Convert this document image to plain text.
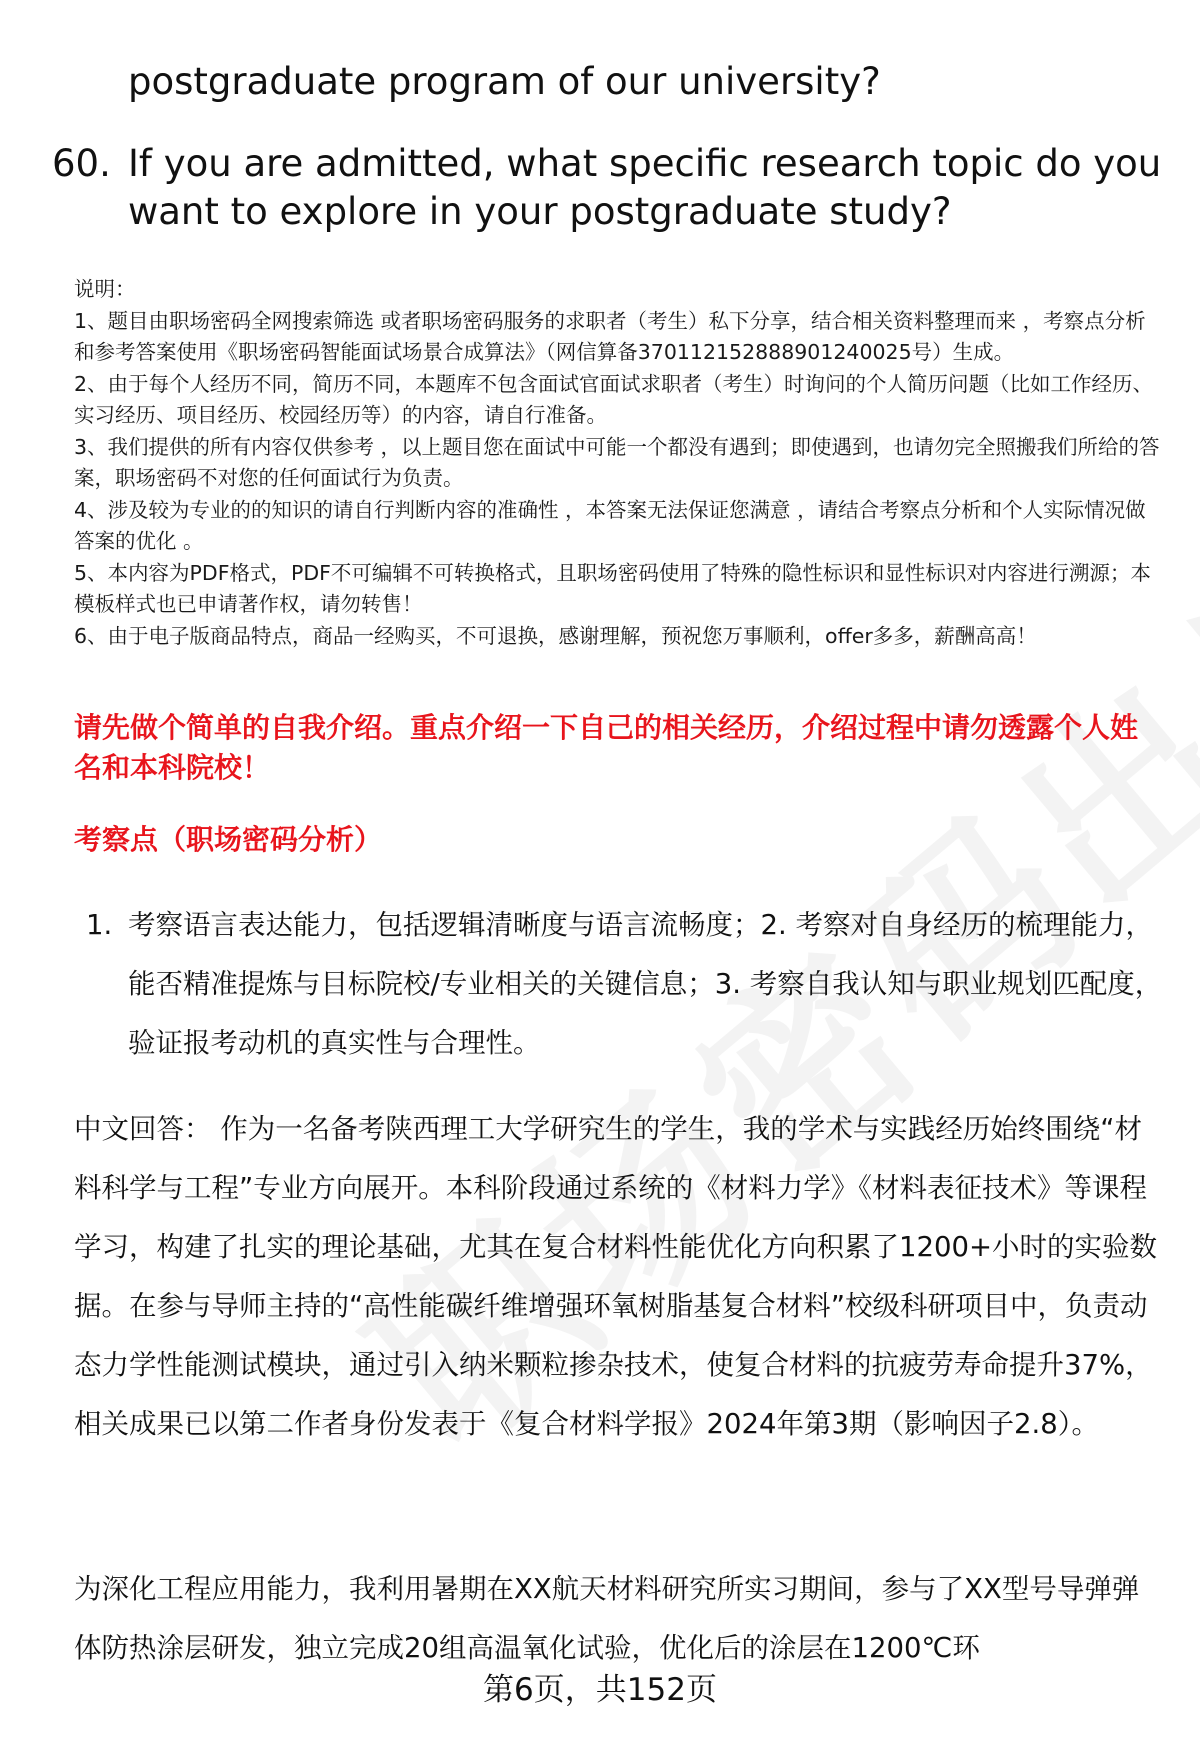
postgraduate program of our university?
60. If you are admitted, what specific research topic do you want to explore in your postgraduate study?

说明：

1、题目由职场密码全网搜索筛选 或者职场密码服务的求职者（考生）私下分享，结合相关资料整理而来 ，考察点分析和参考答案使用《职场密码智能面试场景合成算法》（网信算备370112152888901240025号）生成。

2、由于每个人经历不同，简历不同，本题库不包含面试官面试求职者（考生）时询问的个人简历问题（比如工作经历、实习经历、项目经历、校园经历等）的内容，请自行准备。

3、我们提供的所有内容仅供参考 ，以上题目您在面试中可能一个都没有遇到；即使遇到，也请勿完全照搬我们所给的答案，职场密码不对您的任何面试行为负责。

4、涉及较为专业的的知识的请自行判断内容的准确性 ，本答案无法保证您满意 ，请结合考察点分析和个人实际情况做答案的优化 。

5、本内容为PDF格式，PDF不可编辑不可转换格式，且职场密码使用了特殊的隐性标识和显性标识对内容进行溯源；本模板样式也已申请著作权，请勿转售！

6、由于电子版商品特点，商品一经购买，不可退换，感谢理解，预祝您万事顺利，offer多多，薪酬高高！

请先做个简单的自我介绍。重点介绍一下自己的相关经历，介绍过程中请勿透露个人姓名和本科院校！
考察点（职场密码分析）
1. 考察语言表达能力，包括逻辑清晰度与语言流畅度；2. 考察对自身经历的梳理能力，能否精准提炼与目标院校/专业相关的关键信息；3. 考察自我认知与职业规划匹配度，验证报考动机的真实性与合理性。

中文回答： 作为一名备考陕西理工大学研究生的学生，我的学术与实践经历始终围绕“材料科学与工程”专业方向展开。本科阶段通过系统的《材料力学》《材料表征技术》等课程学习，构建了扎实的理论基础，尤其在复合材料性能优化方向积累了1200+小时的实验数据。在参与导师主持的“高性能碳纤维增强环氧树脂基复合材料”校级科研项目中，负责动态力学性能测试模块，通过引入纳米颗粒掺杂技术，使复合材料的抗疲劳寿命提升37%，相关成果已以第二作者身份发表于《复合材料学报》2024年第3期（影响因子2.8）。

为深化工程应用能力，我利用暑期在XX航天材料研究所实习期间，参与了XX型号导弹弹体防热涂层研发，独立完成20组高温氧化试验，优化后的涂层在1200℃环

第6页，共152页
